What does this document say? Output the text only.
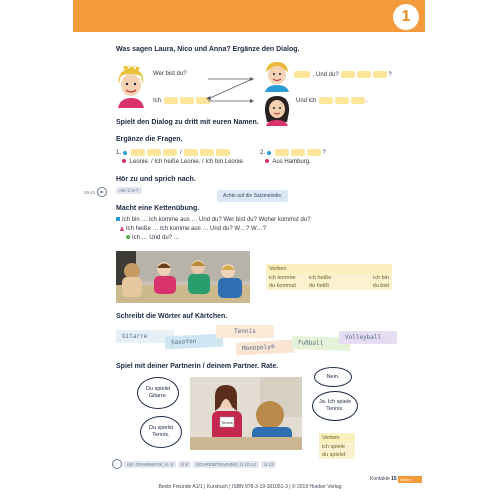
1
Was sagen Laura, Nico und Anna? Ergänze den Dialog.
Wer bist du?
Ich
. Und du?	?
Und ich	.
Spielt den Dialog zu dritt mit euren Namen.
Ergänze die Fragen.
1.	/
Leonie. / Ich heiße Leonie. / Ich bin Leonie.
2.	?
Aus Hamburg.
Hör zu und sprich nach.
29-11	▶	AB: Ü 6-7
Achte auf die Satzmelodie.
Macht eine Kettenübung.
Ich bin … Ich komme aus … Und du? Wer bist du? Woher kommst du?
Ich heiße … Ich komme aus … Und du? W…? W…?
Ich … Und du? …
Verben
ich komme	ich heiße	ich bin
du kommst	du heißt	du bist
Schreibt die Wörter auf Kärtchen.
Gitarre
Saxofon
Tennis
Monopoly®
Fußball
Volleyball
Spiel mit deiner Partnerin / deinem Partner. Rate.
Du spielst Gitarre.
Du spielst Tennis.
Tennis
Nein.
Ja. Ich spiele Tennis.
Verben
ich spiele
du spielst
›	KB: GRAMMATIK, S. 8	Ü 8	SCHREIBTRAINING, Ü 10-12	Ü 13
Kontakte 15 Lesen
Beste Freunde A1/1 | Kursbuch | ISBN 978-3-19-301051-3 | © 2019 Hueber Verlag
